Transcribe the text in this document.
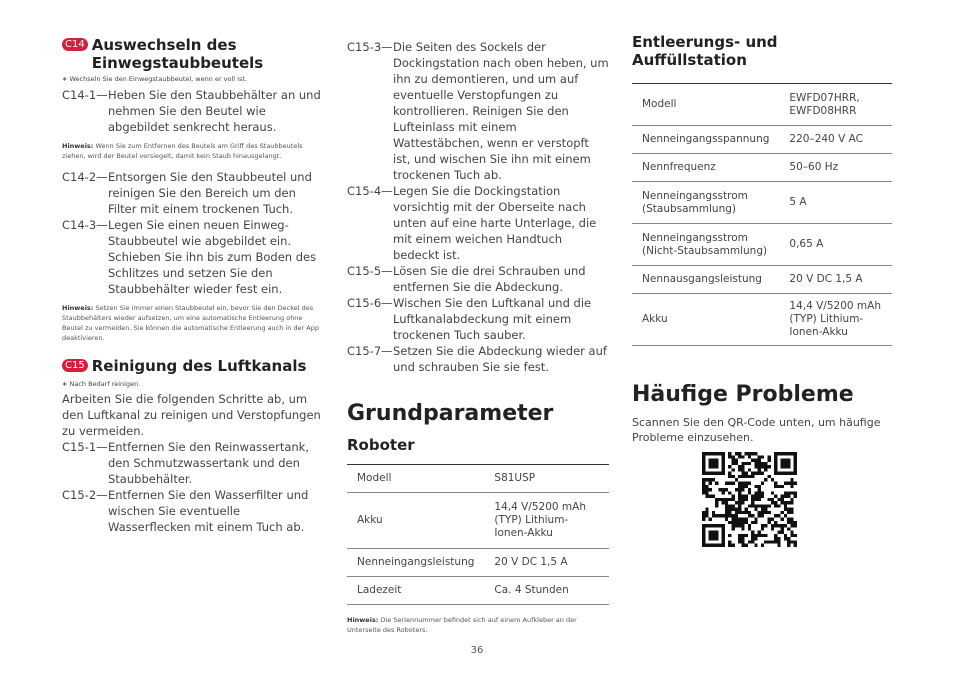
C14 Auswechseln des Einwegstaubbeutels
∗ Wechseln Sie den Einwegstaubbeutel, wenn er voll ist.
C14-1— Heben Sie den Staubbehälter an und nehmen Sie den Beutel wie abgebildet senkrecht heraus.
Hinweis: Wenn Sie zum Entfernen des Beutels am Griff des Staubbeutels ziehen, wird der Beutel versiegelt, damit kein Staub hinausgelangt.
C14-2— Entsorgen Sie den Staubbeutel und reinigen Sie den Bereich um den Filter mit einem trockenen Tuch.
C14-3— Legen Sie einen neuen Einweg-Staubbeutel wie abgebildet ein. Schieben Sie ihn bis zum Boden des Schlitzes und setzen Sie den Staubbehälter wieder fest ein.
Hinweis: Setzen Sie immer einen Staubbeutel ein, bevor Sie den Deckel des Staubbehälters wieder aufsetzen, um eine automatische Entleerung ohne Beutel zu vermeiden. Sie können die automatische Entleerung auch in der App deaktivieren.
C15 Reinigung des Luftkanals
∗ Nach Bedarf reinigen.
Arbeiten Sie die folgenden Schritte ab, um den Luftkanal zu reinigen und Verstopfungen zu vermeiden.
C15-1— Entfernen Sie den Reinwassertank, den Schmutzwassertank und den Staubbehälter.
C15-2— Entfernen Sie den Wasserfilter und wischen Sie eventuelle Wasserflecken mit einem Tuch ab.
C15-3— Die Seiten des Sockels der Dockingstation nach oben heben, um ihn zu demontieren, und um auf eventuelle Verstopfungen zu kontrollieren. Reinigen Sie den Lufteinlass mit einem Wattestäbchen, wenn er verstopft ist, und wischen Sie ihn mit einem trockenen Tuch ab.
C15-4— Legen Sie die Dockingstation vorsichtig mit der Oberseite nach unten auf eine harte Unterlage, die mit einem weichen Handtuch bedeckt ist.
C15-5— Lösen Sie die drei Schrauben und entfernen Sie die Abdeckung.
C15-6— Wischen Sie den Luftkanal und die Luftkanalabdeckung mit einem trockenen Tuch sauber.
C15-7— Setzen Sie die Abdeckung wieder auf und schrauben Sie sie fest.
Grundparameter
Roboter
Modell	S81USP
Akku	14,4 V/5200 mAh (TYP) Lithium-Ionen-Akku
Nenneingangsleistung	20 V DC 1,5 A
Ladezeit	Ca. 4 Stunden
Hinweis: Die Seriennummer befindet sich auf einem Aufkleber an der Unterseite des Roboters.
Entleerungs- und Auffüllstation
Modell	EWFD07HRR, EWFD08HRR
Nenneingangsspannung	220–240 V AC
Nennfrequenz	50–60 Hz
Nenneingangsstrom (Staubsammlung)	5 A
Nenneingangsstrom (Nicht-Staubsammlung)	0,65 A
Nennausgangsleistung	20 V DC 1,5 A
Akku	14,4 V/5200 mAh (TYP) Lithium-Ionen-Akku
Häufige Probleme
Scannen Sie den QR-Code unten, um häufige Probleme einzusehen.
36
